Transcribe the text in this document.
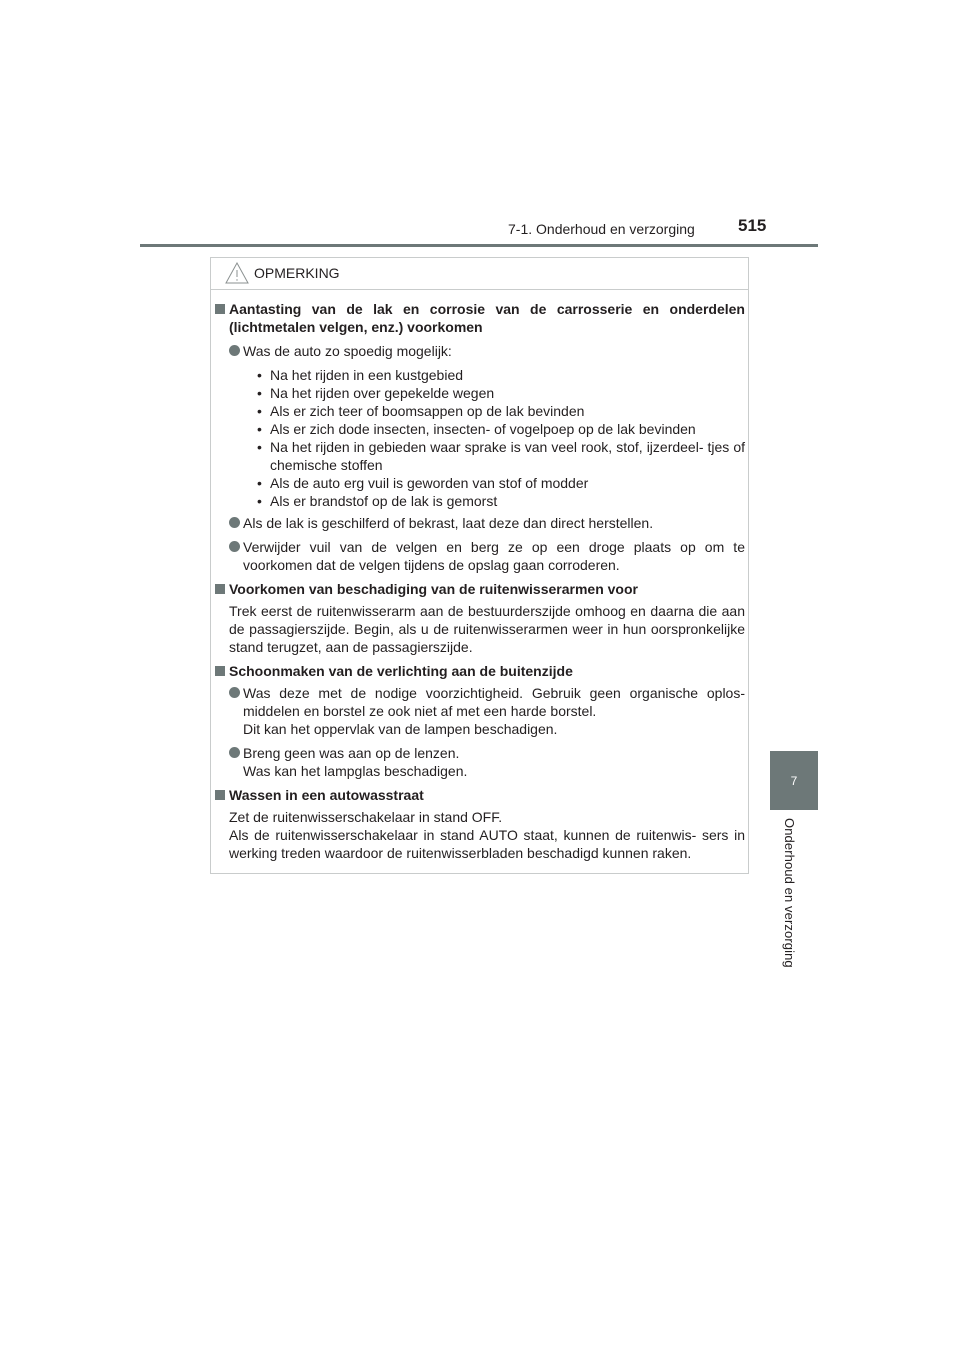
7-1. Onderhoud en verzorging	515
7
Onderhoud en verzorging
OPMERKING
Aantasting van de lak en corrosie van de carrosserie en onderdelen (lichtmetalen velgen, enz.) voorkomen
Was de auto zo spoedig mogelijk:
• Na het rijden in een kustgebied
• Na het rijden over gepekelde wegen
• Als er zich teer of boomsappen op de lak bevinden
• Als er zich dode insecten, insecten- of vogelpoep op de lak bevinden
• Na het rijden in gebieden waar sprake is van veel rook, stof, ijzerdeel- tjes of chemische stoffen
• Als de auto erg vuil is geworden van stof of modder
• Als er brandstof op de lak is gemorst
Als de lak is geschilferd of bekrast, laat deze dan direct herstellen.
Verwijder vuil van de velgen en berg ze op een droge plaats op om te voorkomen dat de velgen tijdens de opslag gaan corroderen.
Voorkomen van beschadiging van de ruitenwisserarmen voor
Trek eerst de ruitenwisserarm aan de bestuurderszijde omhoog en daarna die aan de passagierszijde. Begin, als u de ruitenwisserarmen weer in hun oorspronkelijke stand terugzet, aan de passagierszijde.
Schoonmaken van de verlichting aan de buitenzijde
Was deze met de nodige voorzichtigheid. Gebruik geen organische oplos- middelen en borstel ze ook niet af met een harde borstel.
Dit kan het oppervlak van de lampen beschadigen.
Breng geen was aan op de lenzen.
Was kan het lampglas beschadigen.
Wassen in een autowasstraat
Zet de ruitenwisserschakelaar in stand OFF.
Als de ruitenwisserschakelaar in stand AUTO staat, kunnen de ruitenwis- sers in werking treden waardoor de ruitenwisserbladen beschadigd kunnen raken.
